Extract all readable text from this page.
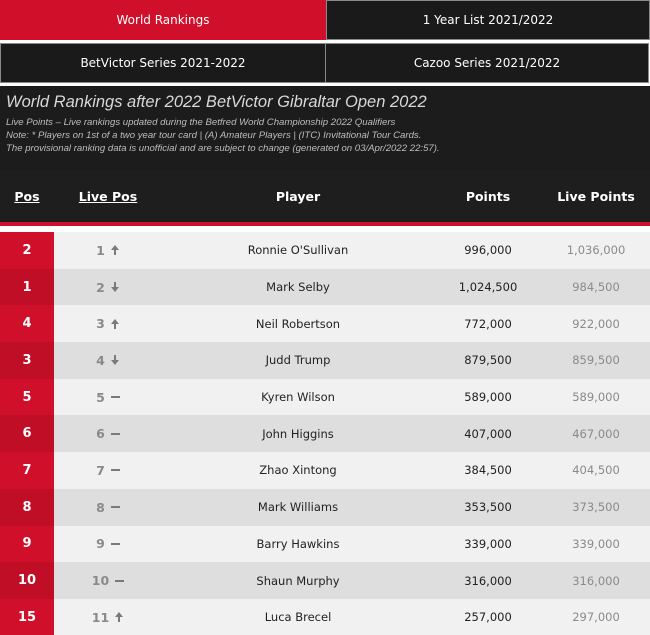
World Rankings	1 Year List 2021/2022
BetVictor Series 2021-2022	Cazoo Series 2021/2022
World Rankings after 2022 BetVictor Gibraltar Open 2022
Live Points – Live rankings updated during the Betfred World Championship 2022 Qualifiers
Note: * Players on 1st of a two year tour card | (A) Amateur Players | (ITC) Invitational Tour Cards.
The provisional ranking data is unofficial and are subject to change (generated on 03/Apr/2022 22:57).
Pos	Live Pos	Player	Points	Live Points
2	1	Ronnie O'Sullivan	996,000	1,036,000
1	2	Mark Selby	1,024,500	984,500
4	3	Neil Robertson	772,000	922,000
3	4	Judd Trump	879,500	859,500
5	5	Kyren Wilson	589,000	589,000
6	6	John Higgins	407,000	467,000
7	7	Zhao Xintong	384,500	404,500
8	8	Mark Williams	353,500	373,500
9	9	Barry Hawkins	339,000	339,000
10	10	Shaun Murphy	316,000	316,000
15	11	Luca Brecel	257,000	297,000
